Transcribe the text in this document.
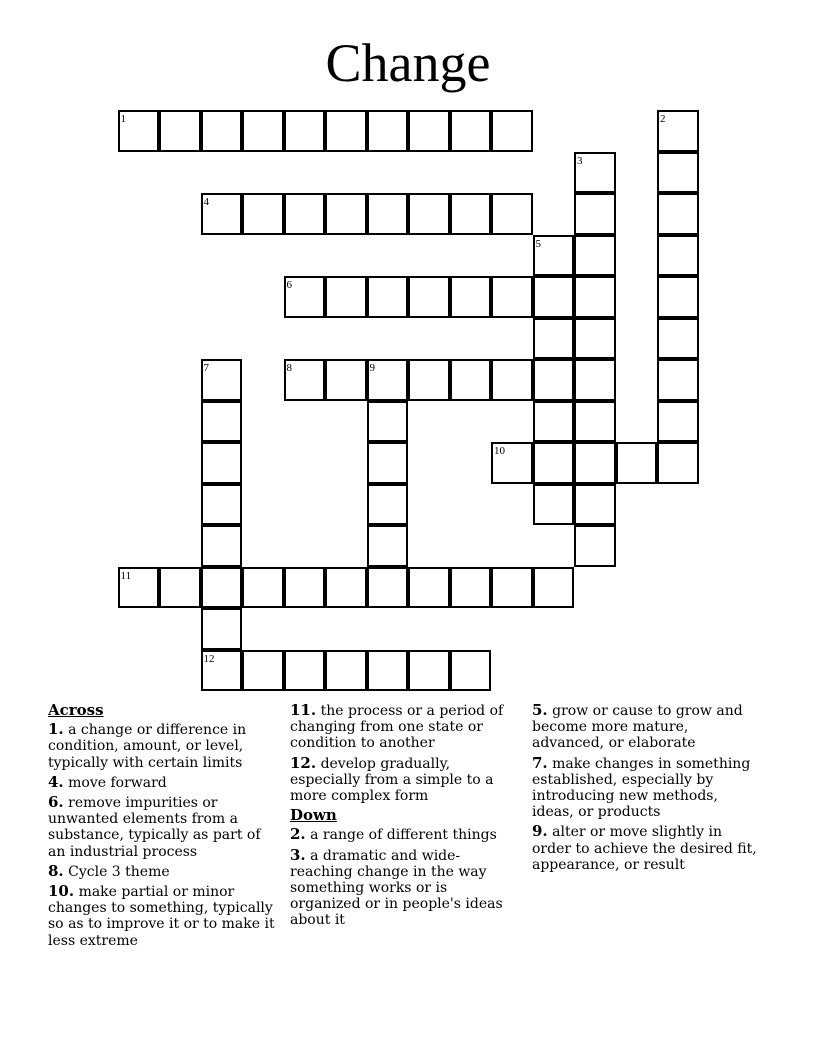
Change
1	2
3
4
5
6
7	8	9
10
11
12
Across
1. a change or difference in condition, amount, or level, typically with certain limits
4. move forward
6. remove impurities or unwanted elements from a substance, typically as part of an industrial process
8. Cycle 3 theme
10. make partial or minor changes to something, typically so as to improve it or to make it less extreme
11. the process or a period of changing from one state or condition to another
12. develop gradually, especially from a simple to a more complex form
Down
2. a range of different things
3. a dramatic and wide-reaching change in the way something works or is organized or in people's ideas about it
5. grow or cause to grow and become more mature, advanced, or elaborate
7. make changes in something established, especially by introducing new methods, ideas, or products
9. alter or move slightly in order to achieve the desired fit, appearance, or result
